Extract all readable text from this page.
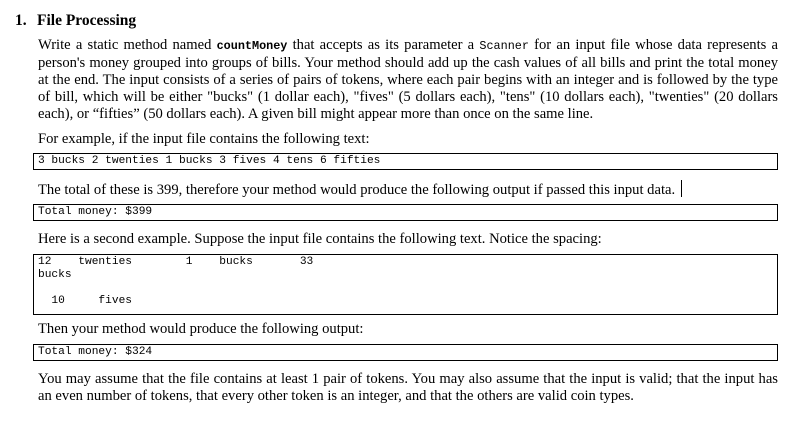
1. File Processing
Write a static method named countMoney that accepts as its parameter a Scanner for an input file whose data represents a person's money grouped into groups of bills. Your method should add up the cash values of all bills and print the total money at the end. The input consists of a series of pairs of tokens, where each pair begins with an integer and is followed by the type of bill, which will be either "bucks" (1 dollar each), "fives" (5 dollars each), "tens" (10 dollars each), "twenties" (20 dollars each), or “fifties” (50 dollars each). A given bill might appear more than once on the same line.
For example, if the input file contains the following text:
3 bucks 2 twenties 1 bucks 3 fives 4 tens 6 fifties
The total of these is 399, therefore your method would produce the following output if passed this input data.
Total money: $399
Here is a second example. Suppose the input file contains the following text. Notice the spacing:
12    twenties        1    bucks       33
bucks

10     fives
Then your method would produce the following output:
Total money: $324
You may assume that the file contains at least 1 pair of tokens. You may also assume that the input is valid; that the input has an even number of tokens, that every other token is an integer, and that the others are valid coin types.
